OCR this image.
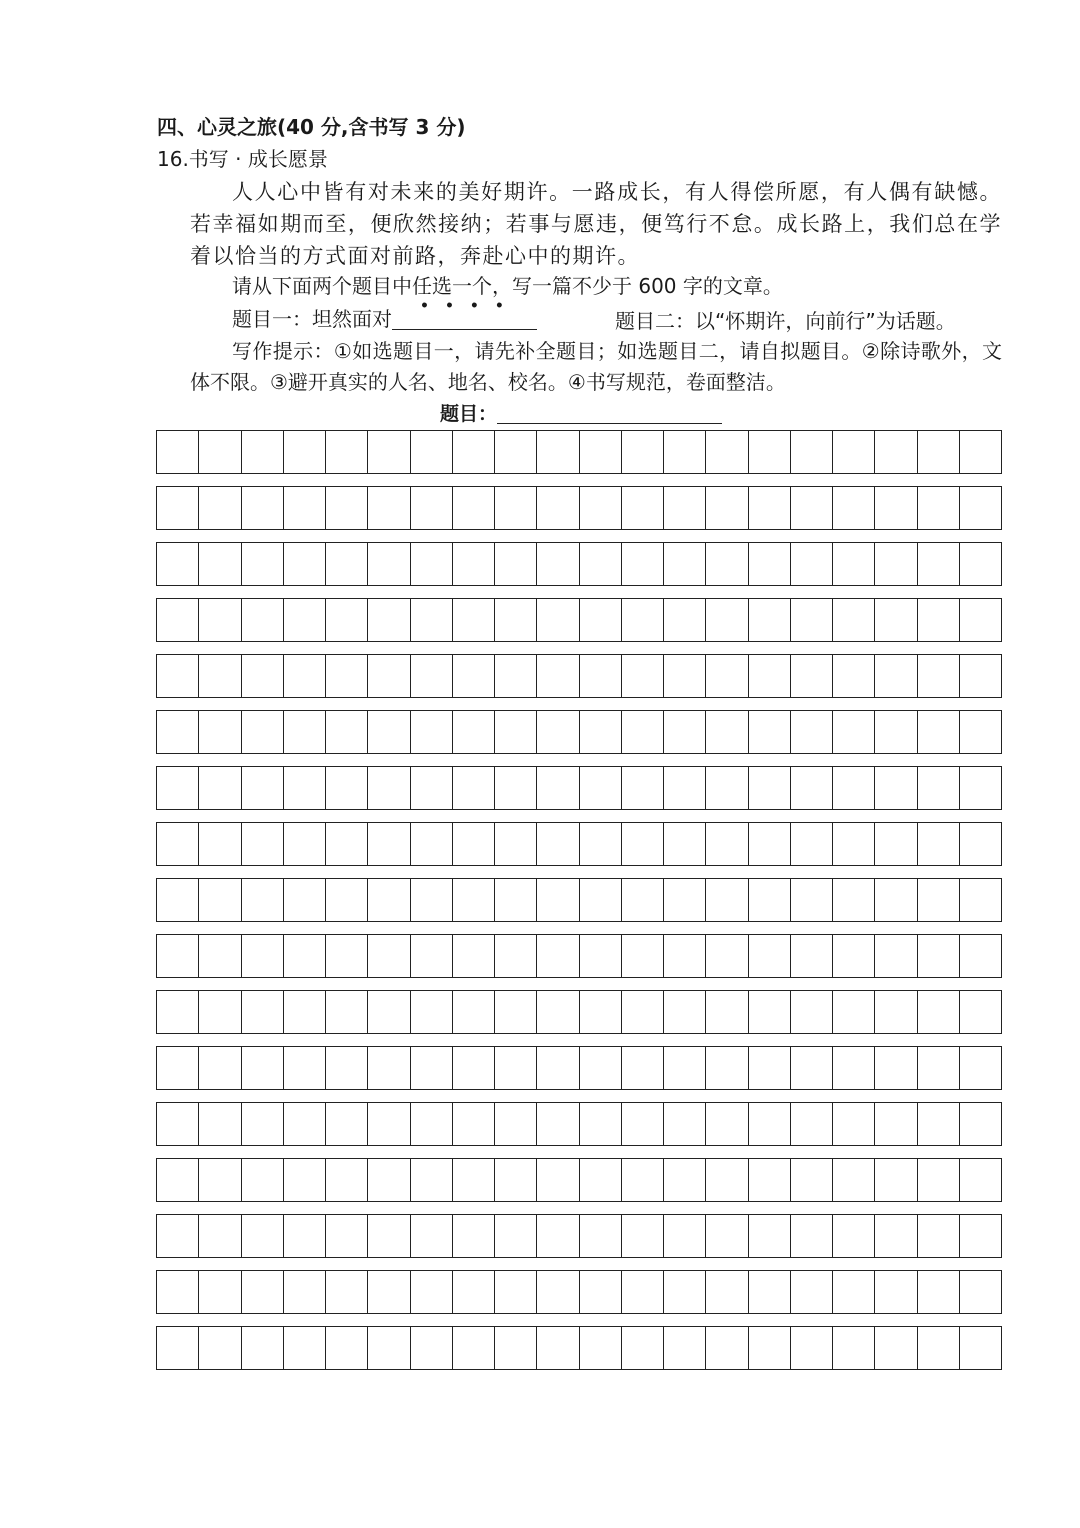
四、心灵之旅(40 分,含书写 3 分)
16.书写 · 成长愿景
人人心中皆有对未来的美好期许。一路成长，有人得偿所愿，有人偶有缺憾。若幸福如期而至，便欣然接纳；若事与愿违，便笃行不怠。成长路上，我们总在学着以恰当的方式面对前路，奔赴心中的期许。
请从下面两个题目中任选一个，写一篇不少于 600 字的文章。
••••
题目一：坦然面对	题目二：以“怀期许，向前行”为话题。
写作提示：①如选题目一，请先补全题目；如选题目二，请自拟题目。②除诗歌外，文体不限。③避开真实的人名、地名、校名。④书写规范，卷面整洁。
题目：
